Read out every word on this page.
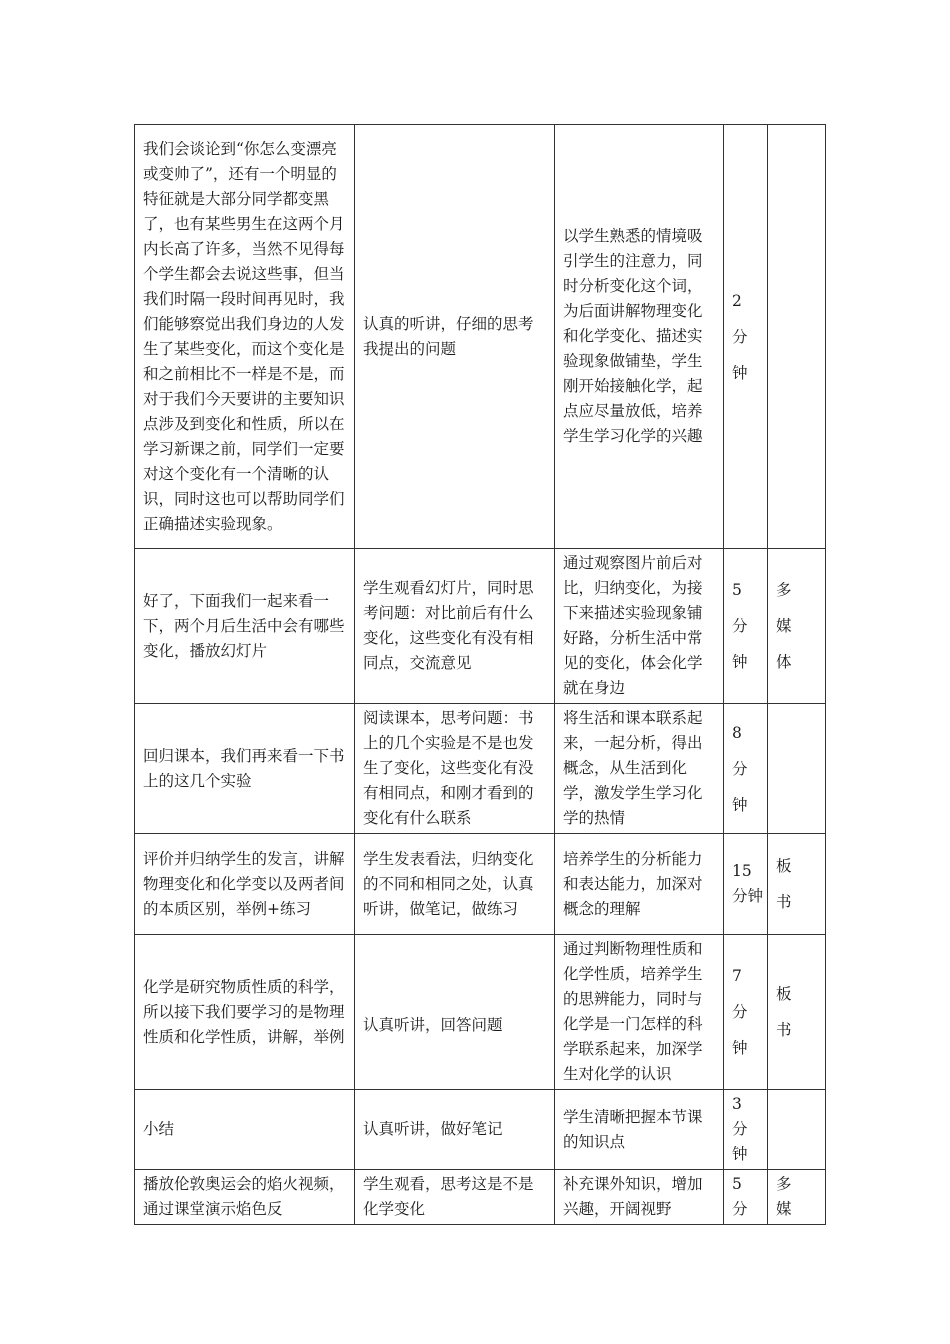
我们会谈论到“你怎么变漂亮或变帅了”，还有一个明显的特征就是大部分同学都变黑了，也有某些男生在这两个月内长高了许多，当然不见得每个学生都会去说这些事，但当我们时隔一段时间再见时，我们能够察觉出我们身边的人发生了某些变化，而这个变化是和之前相比不一样是不是，而对于我们今天要讲的主要知识点涉及到变化和性质，所以在学习新课之前，同学们一定要对这个变化有一个清晰的认识，同时这也可以帮助同学们正确描述实验现象。	认真的听讲，仔细的思考我提出的问题	以学生熟悉的情境吸引学生的注意力，同时分析变化这个词，为后面讲解物理变化和化学变化、描述实验现象做铺垫，学生刚开始接触化学，起点应尽量放低，培养学生学习化学的兴趣	2分钟	

好了，下面我们一起来看一下，两个月后生活中会有哪些变化，播放幻灯片	学生观看幻灯片，同时思考问题：对比前后有什么变化，这些变化有没有相同点，交流意见	通过观察图片前后对比，归纳变化，为接下来描述实验现象铺好路，分析生活中常见的变化，体会化学就在身边	5分钟	多媒体

回归课本，我们再来看一下书上的这几个实验	阅读课本，思考问题：书上的几个实验是不是也发生了变化，这些变化有没有相同点，和刚才看到的变化有什么联系	将生活和课本联系起来，一起分析，得出概念，从生活到化学，激发学生学习化学的热情	8分钟	

评价并归纳学生的发言，讲解物理变化和化学变以及两者间的本质区别，举例+练习	学生发表看法，归纳变化的不同和相同之处，认真听讲，做笔记，做练习	培养学生的分析能力和表达能力，加深对概念的理解	15分钟	板书

化学是研究物质性质的科学，所以接下我们要学习的是物理性质和化学性质，讲解，举例	认真听讲，回答问题	通过判断物理性质和化学性质，培养学生的思辨能力，同时与化学是一门怎样的科学联系起来，加深学生对化学的认识	7分钟	板书

小结	认真听讲，做好笔记	学生清晰把握本节课的知识点	3分钟	

播放伦敦奥运会的焰火视频，通过课堂演示焰色反	学生观看，思考这是不是化学变化	补充课外知识，增加兴趣，开阔视野	5分	多媒
